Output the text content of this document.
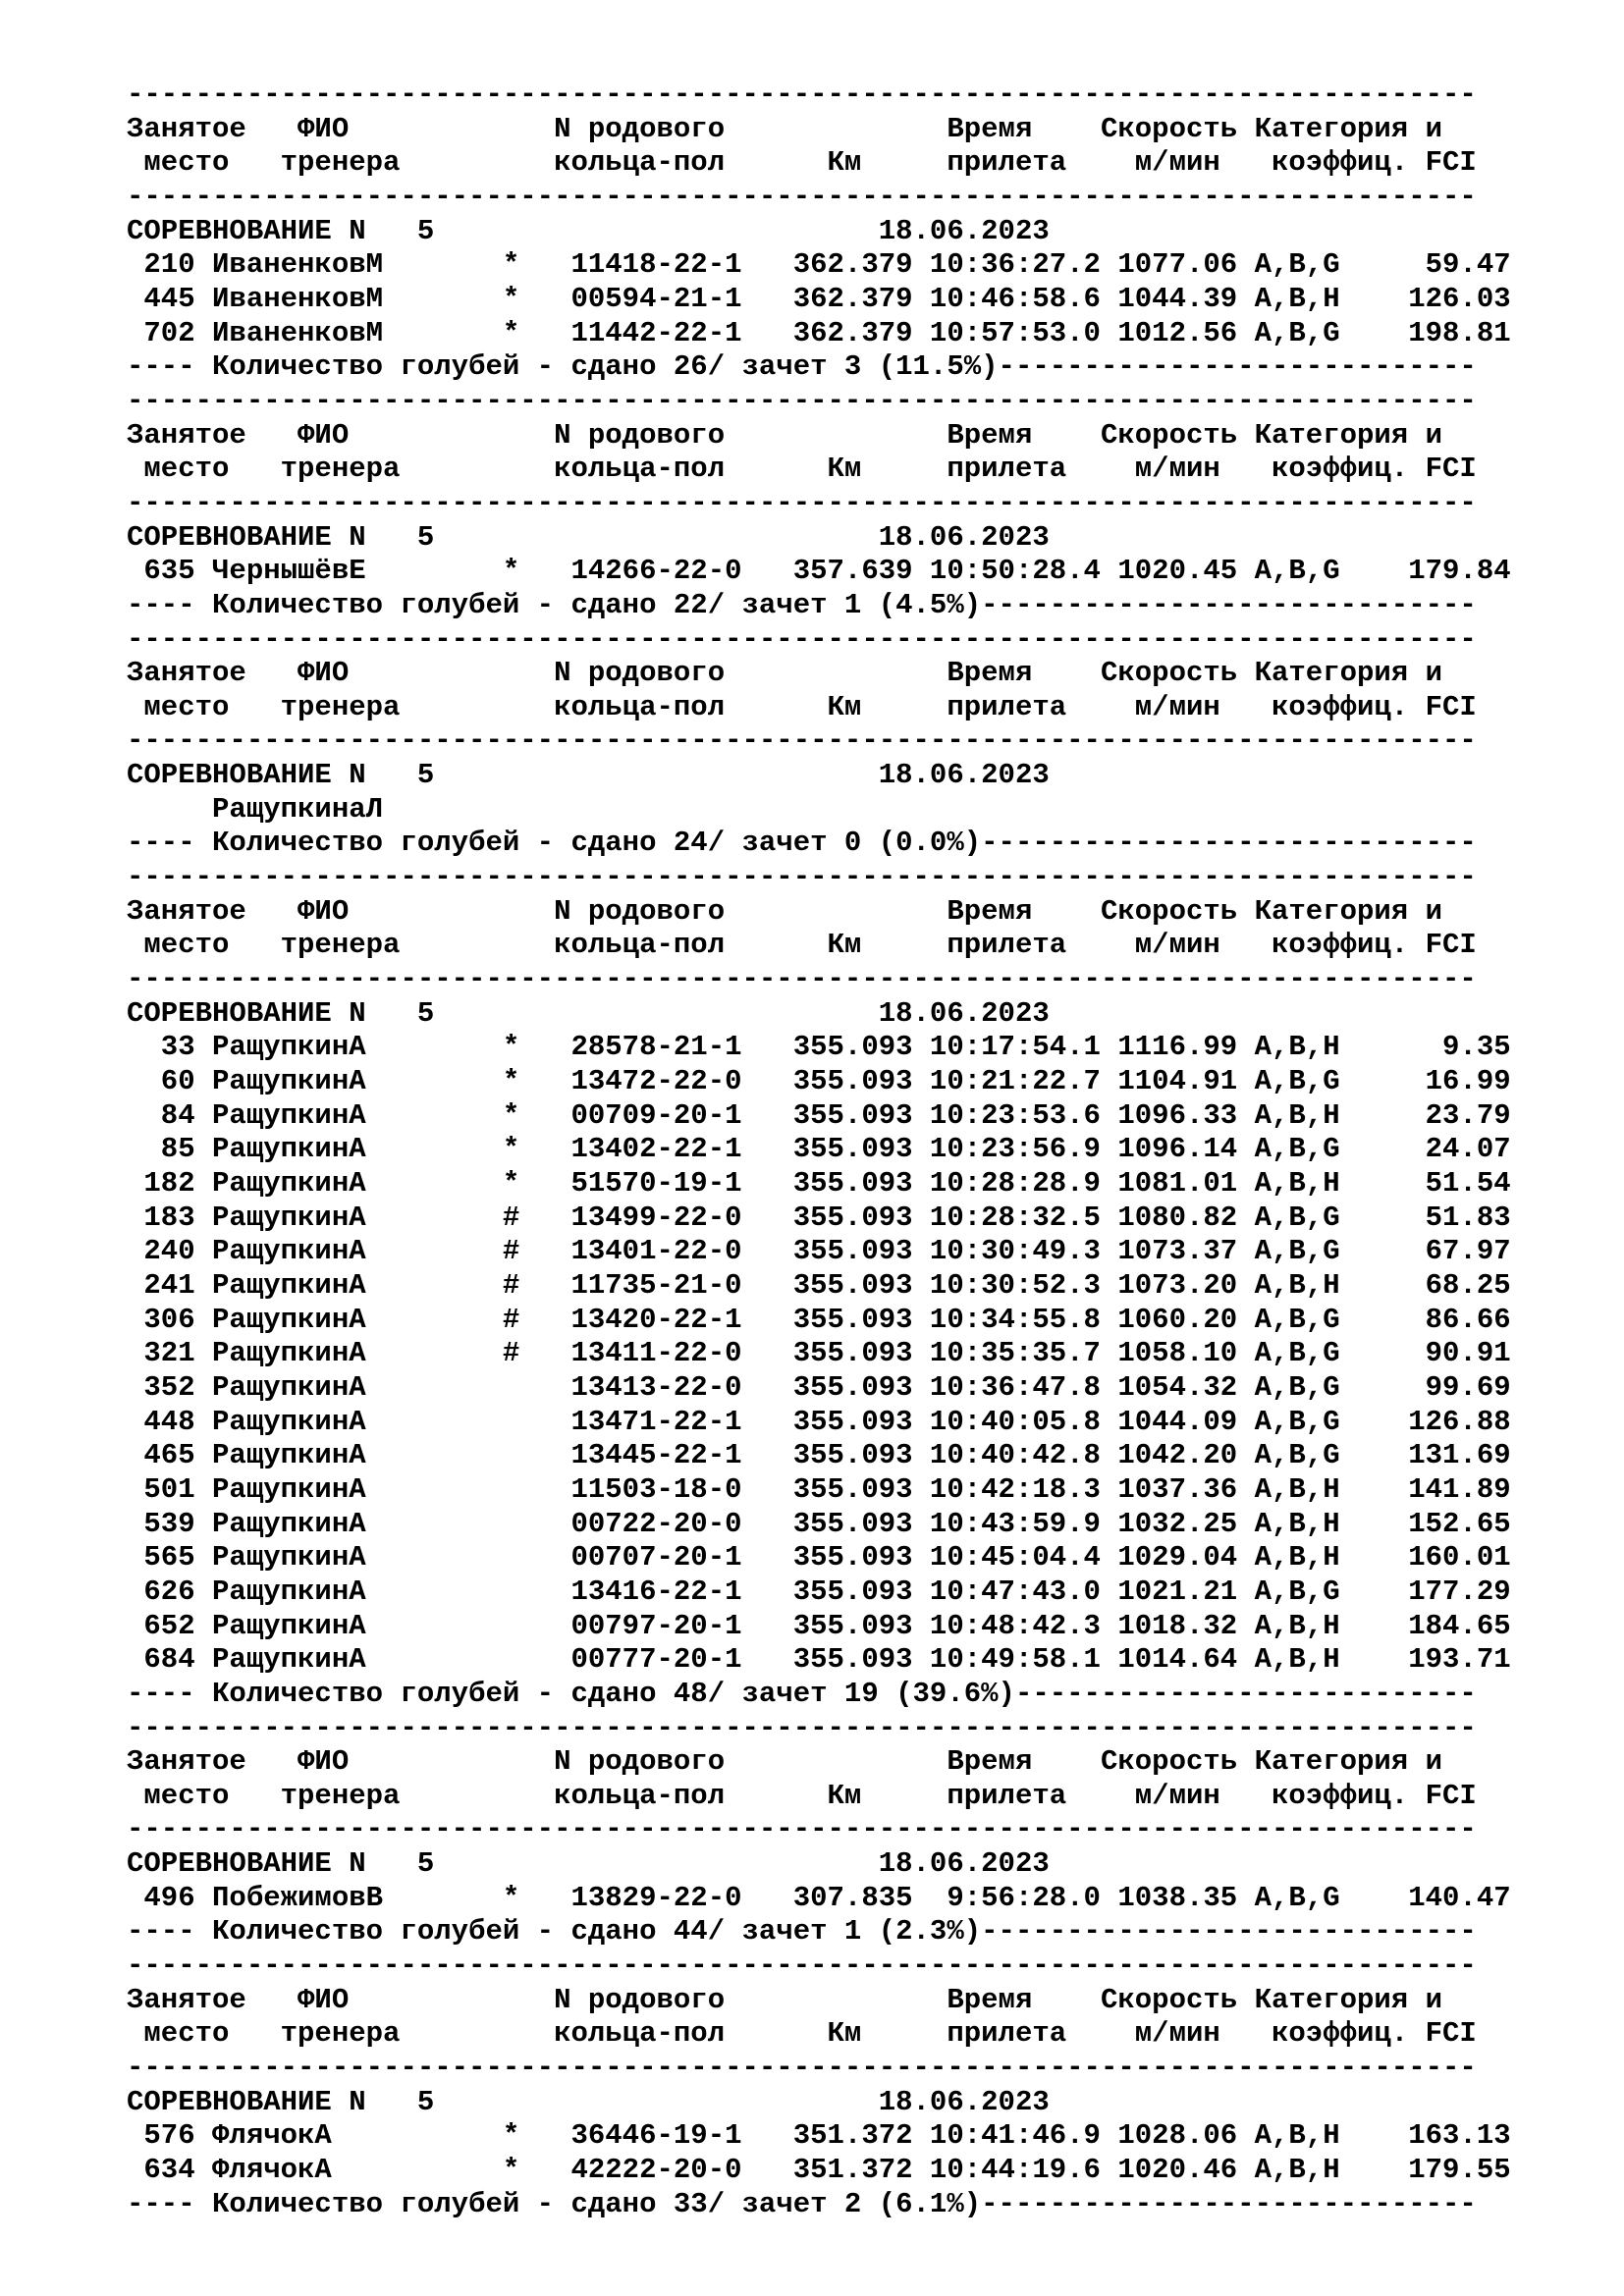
-------------------------------------------------------------------------------
Занятое   ФИО            N родового             Время    Скорость Категория и
место   тренера         кольца-пол      Км     прилета    м/мин   коэффиц. FCI
-------------------------------------------------------------------------------
СОРЕВНОВАНИЕ N   5                          18.06.2023
210 ИваненковМ       *   11418-22-1   362.379 10:36:27.2 1077.06 A,B,G     59.47
445 ИваненковМ       *   00594-21-1   362.379 10:46:58.6 1044.39 A,B,H    126.03
702 ИваненковМ       *   11442-22-1   362.379 10:57:53.0 1012.56 A,B,G    198.81
---- Количество голубей - сдано 26/ зачет 3 (11.5%)----------------------------
-------------------------------------------------------------------------------
Занятое   ФИО            N родового             Время    Скорость Категория и
место   тренера         кольца-пол      Км     прилета    м/мин   коэффиц. FCI
-------------------------------------------------------------------------------
СОРЕВНОВАНИЕ N   5                          18.06.2023
635 ЧернышёвЕ        *   14266-22-0   357.639 10:50:28.4 1020.45 A,B,G    179.84
---- Количество голубей - сдано 22/ зачет 1 (4.5%)-----------------------------
-------------------------------------------------------------------------------
Занятое   ФИО            N родового             Время    Скорость Категория и
место   тренера         кольца-пол      Км     прилета    м/мин   коэффиц. FCI
-------------------------------------------------------------------------------
СОРЕВНОВАНИЕ N   5                          18.06.2023
РащупкинаЛ
---- Количество голубей - сдано 24/ зачет 0 (0.0%)-----------------------------
-------------------------------------------------------------------------------
Занятое   ФИО            N родового             Время    Скорость Категория и
место   тренера         кольца-пол      Км     прилета    м/мин   коэффиц. FCI
-------------------------------------------------------------------------------
СОРЕВНОВАНИЕ N   5                          18.06.2023
33 РащупкинА        *   28578-21-1   355.093 10:17:54.1 1116.99 A,B,H      9.35
60 РащупкинА        *   13472-22-0   355.093 10:21:22.7 1104.91 A,B,G     16.99
84 РащупкинА        *   00709-20-1   355.093 10:23:53.6 1096.33 A,B,H     23.79
85 РащупкинА        *   13402-22-1   355.093 10:23:56.9 1096.14 A,B,G     24.07
182 РащупкинА        *   51570-19-1   355.093 10:28:28.9 1081.01 A,B,H     51.54
183 РащупкинА        #   13499-22-0   355.093 10:28:32.5 1080.82 A,B,G     51.83
240 РащупкинА        #   13401-22-0   355.093 10:30:49.3 1073.37 A,B,G     67.97
241 РащупкинА        #   11735-21-0   355.093 10:30:52.3 1073.20 A,B,H     68.25
306 РащупкинА        #   13420-22-1   355.093 10:34:55.8 1060.20 A,B,G     86.66
321 РащупкинА        #   13411-22-0   355.093 10:35:35.7 1058.10 A,B,G     90.91
352 РащупкинА            13413-22-0   355.093 10:36:47.8 1054.32 A,B,G     99.69
448 РащупкинА            13471-22-1   355.093 10:40:05.8 1044.09 A,B,G    126.88
465 РащупкинА            13445-22-1   355.093 10:40:42.8 1042.20 A,B,G    131.69
501 РащупкинА            11503-18-0   355.093 10:42:18.3 1037.36 A,B,H    141.89
539 РащупкинА            00722-20-0   355.093 10:43:59.9 1032.25 A,B,H    152.65
565 РащупкинА            00707-20-1   355.093 10:45:04.4 1029.04 A,B,H    160.01
626 РащупкинА            13416-22-1   355.093 10:47:43.0 1021.21 A,B,G    177.29
652 РащупкинА            00797-20-1   355.093 10:48:42.3 1018.32 A,B,H    184.65
684 РащупкинА            00777-20-1   355.093 10:49:58.1 1014.64 A,B,H    193.71
---- Количество голубей - сдано 48/ зачет 19 (39.6%)---------------------------
-------------------------------------------------------------------------------
Занятое   ФИО            N родового             Время    Скорость Категория и
место   тренера         кольца-пол      Км     прилета    м/мин   коэффиц. FCI
-------------------------------------------------------------------------------
СОРЕВНОВАНИЕ N   5                          18.06.2023
496 ПобежимовВ       *   13829-22-0   307.835  9:56:28.0 1038.35 A,B,G    140.47
---- Количество голубей - сдано 44/ зачет 1 (2.3%)-----------------------------
-------------------------------------------------------------------------------
Занятое   ФИО            N родового             Время    Скорость Категория и
место   тренера         кольца-пол      Км     прилета    м/мин   коэффиц. FCI
-------------------------------------------------------------------------------
СОРЕВНОВАНИЕ N   5                          18.06.2023
576 ФлячокА          *   36446-19-1   351.372 10:41:46.9 1028.06 A,B,H    163.13
634 ФлячокА          *   42222-20-0   351.372 10:44:19.6 1020.46 A,B,H    179.55
---- Количество голубей - сдано 33/ зачет 2 (6.1%)-----------------------------
